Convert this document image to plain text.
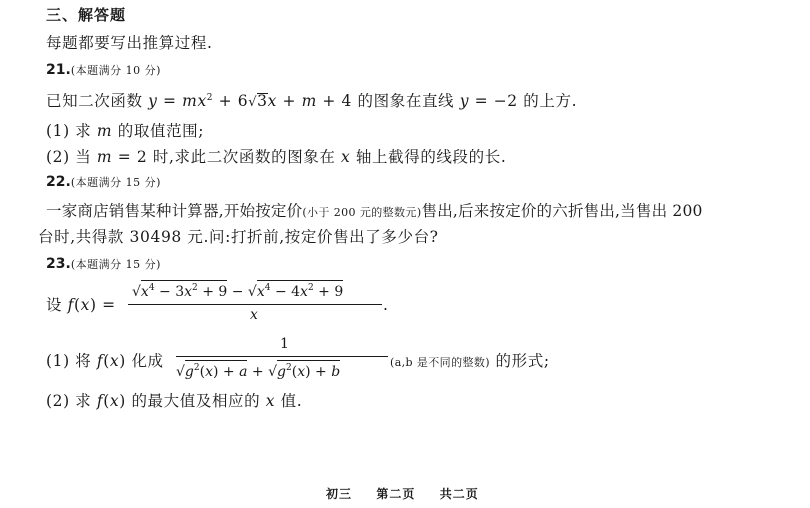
三、解答题
每题都要写出推算过程.
21.(本题满分 10 分)
已知二次函数 $y = mx^2 + 6√3x + m + 4$ 的图象在直线 y = −2 的上方.
(1) 求 m 的取值范围;
(2) 当 m = 2 时,求此二次函数的图象在 x 轴上截得的线段的长.
22.(本题满分 15 分)
一家商店销售某种计算器,开始按定价(小于 200 元的整数元)售出,后来按定价的六折售出,当售出 200
台时,共得款 30498 元.问:打折前,按定价售出了多少台?
23.(本题满分 15 分)
设 f(x) =
$√x^4 - 3x^2 + 9 - √x^4 - 4x^2 + 9$
x
.
(1) 将 f(x) 化成
1
$√g^2(x) + a + √g^2(x) + b$
(a,b 是不同的整数) 的形式;
(2) 求 f(x) 的最大值及相应的 x 值.
初三 第二页 共二页
